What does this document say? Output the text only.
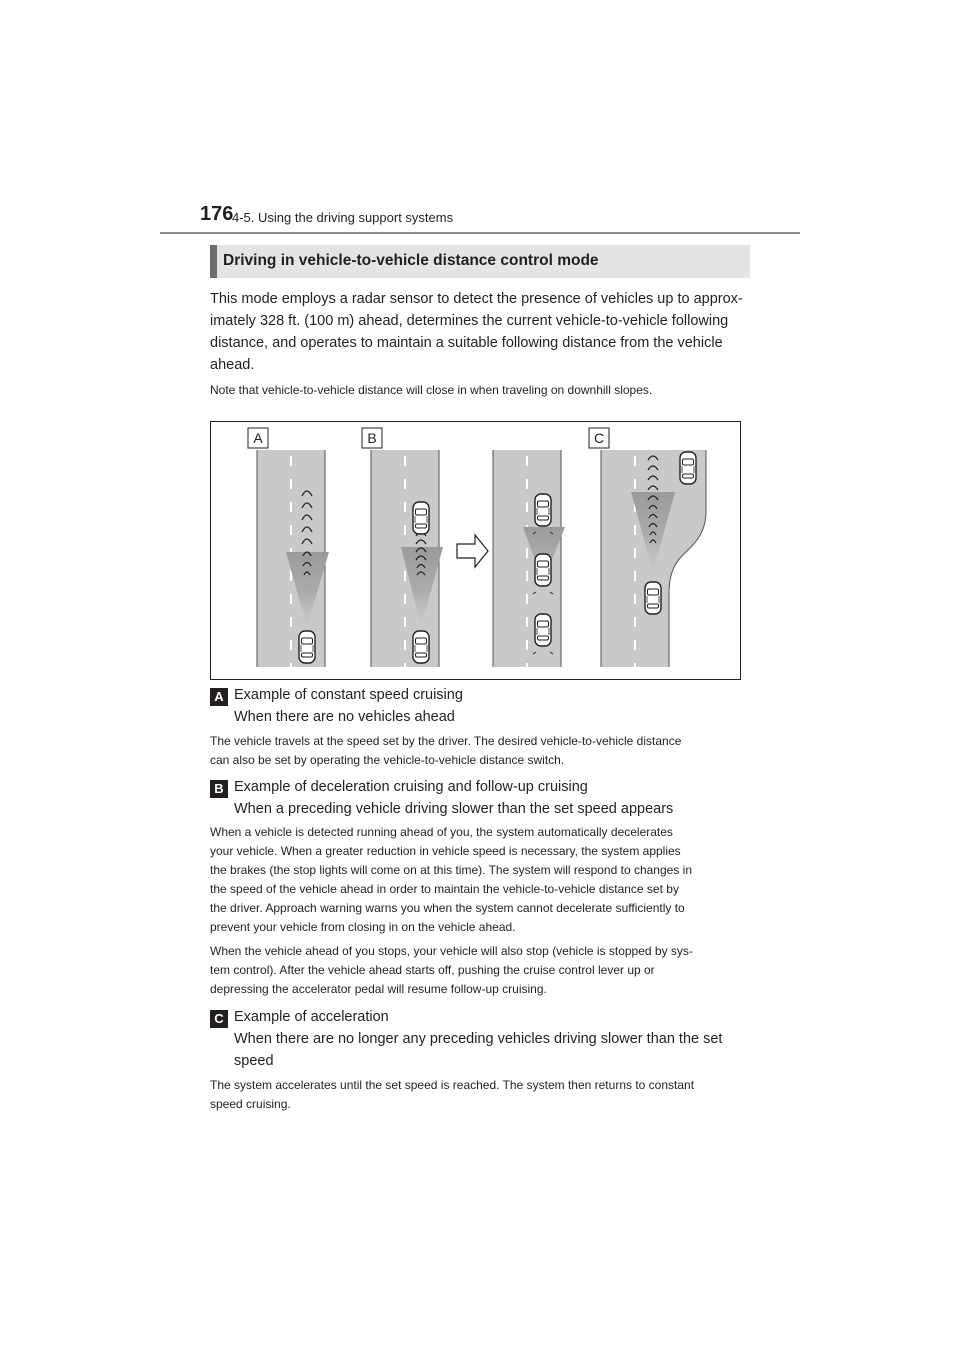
176
4-5. Using the driving support systems
Driving in vehicle-to-vehicle distance control mode
This mode employs a radar sensor to detect the presence of vehicles up to approx-
imately 328 ft. (100 m) ahead, determines the current vehicle-to-vehicle following
distance, and operates to maintain a suitable following distance from the vehicle
ahead.
Note that vehicle-to-vehicle distance will close in when traveling on downhill slopes.
A	B	C
A Example of constant speed cruising
When there are no vehicles ahead
The vehicle travels at the speed set by the driver. The desired vehicle-to-vehicle distance
can also be set by operating the vehicle-to-vehicle distance switch.
B Example of deceleration cruising and follow-up cruising
When a preceding vehicle driving slower than the set speed appears
When a vehicle is detected running ahead of you, the system automatically decelerates
your vehicle. When a greater reduction in vehicle speed is necessary, the system applies
the brakes (the stop lights will come on at this time). The system will respond to changes in
the speed of the vehicle ahead in order to maintain the vehicle-to-vehicle distance set by
the driver. Approach warning warns you when the system cannot decelerate sufficiently to
prevent your vehicle from closing in on the vehicle ahead.
When the vehicle ahead of you stops, your vehicle will also stop (vehicle is stopped by sys-
tem control). After the vehicle ahead starts off, pushing the cruise control lever up or
depressing the accelerator pedal will resume follow-up cruising.
C Example of acceleration
When there are no longer any preceding vehicles driving slower than the set
speed
The system accelerates until the set speed is reached. The system then returns to constant
speed cruising.
